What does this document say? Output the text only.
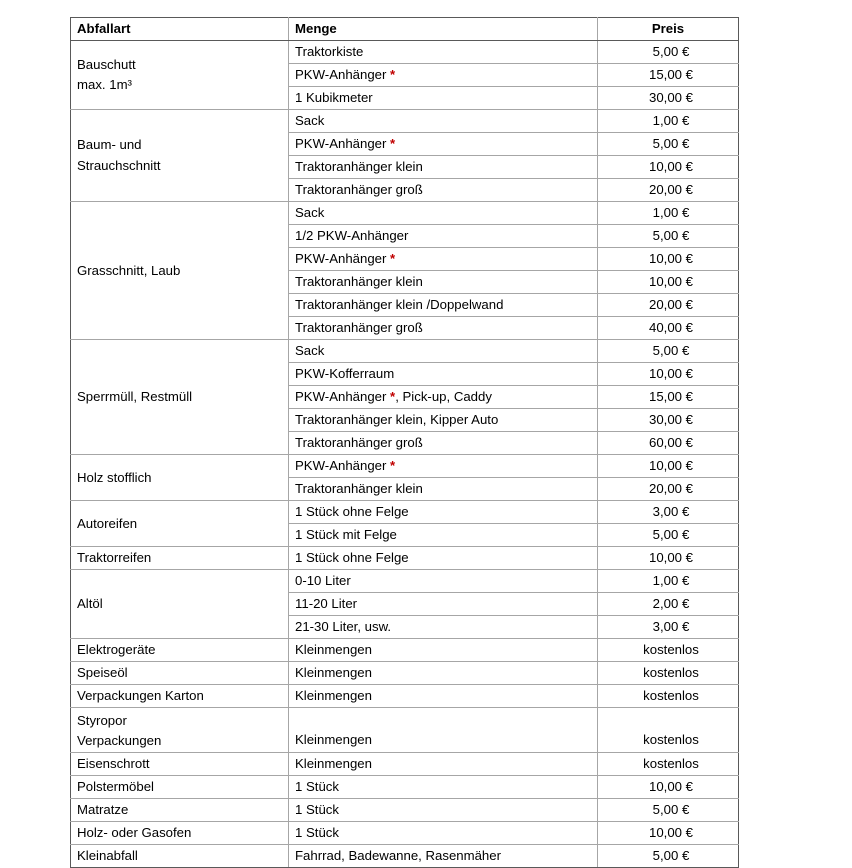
Abfallart	Menge	Preis

Bauschutt
max. 1m³	Traktorkiste	5,00 €
	PKW-Anhänger *	15,00 €
	1 Kubikmeter	30,00 €

Baum- und
Strauchschnitt	Sack	1,00 €
	PKW-Anhänger *	5,00 €
	Traktoranhänger klein	10,00 €
	Traktoranhänger groß	20,00 €

Grasschnitt, Laub	Sack	1,00 €
	1/2 PKW-Anhänger	5,00 €
	PKW-Anhänger *	10,00 €
	Traktoranhänger klein	10,00 €
	Traktoranhänger klein /Doppelwand	20,00 €
	Traktoranhänger groß	40,00 €

Sperrmüll, Restmüll	Sack	5,00 €
	PKW-Kofferraum	10,00 €
	PKW-Anhänger *, Pick-up, Caddy	15,00 €
	Traktoranhänger klein, Kipper Auto	30,00 €
	Traktoranhänger groß	60,00 €

Holz stofflich	PKW-Anhänger *	10,00 €
	Traktoranhänger klein	20,00 €

Autoreifen	1 Stück ohne Felge	3,00 €
	1 Stück mit Felge	5,00 €

Traktorreifen	1 Stück ohne Felge	10,00 €

Altöl	0-10 Liter	1,00 €
	11-20 Liter	2,00 €
	21-30 Liter, usw.	3,00 €

Elektrogeräte	Kleinmengen	kostenlos

Speiseöl	Kleinmengen	kostenlos

Verpackungen Karton	Kleinmengen	kostenlos

Styropor
Verpackungen	Kleinmengen	kostenlos

Eisenschrott	Kleinmengen	kostenlos

Polstermöbel	1 Stück	10,00 €

Matratze	1 Stück	5,00 €

Holz- oder Gasofen	1 Stück	10,00 €

Kleinabfall	Fahrrad, Badewanne, Rasenmäher	5,00 €
